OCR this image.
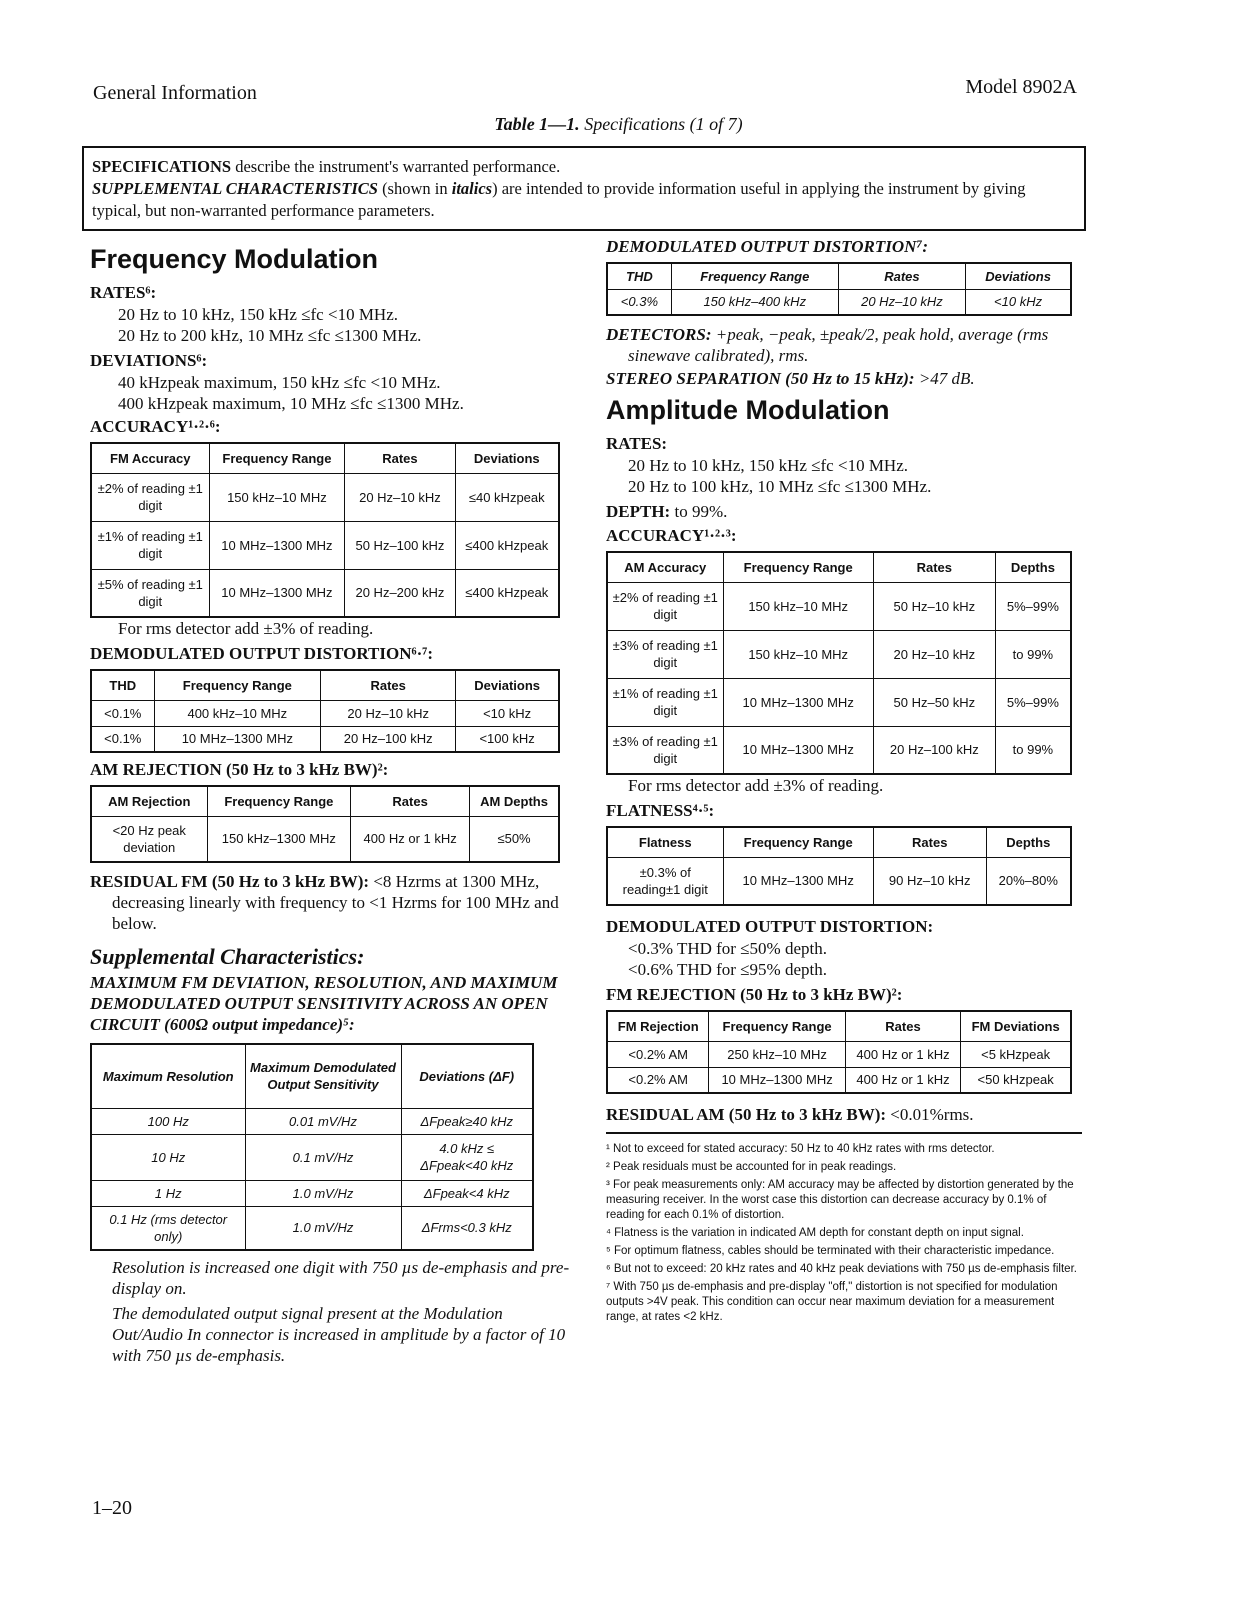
General Information	Model 8902A
Table 1—1. Specifications (1 of 7)
SPECIFICATIONS describe the instrument's warranted performance.
SUPPLEMENTAL CHARACTERISTICS (shown in italics) are intended to provide information useful in applying the instrument by giving typical, but non-warranted performance parameters.
Frequency Modulation
RATES⁶:

20 Hz to 10 kHz, 150 kHz ≤fc <10 MHz.

20 Hz to 200 kHz, 10 MHz ≤fc ≤1300 MHz.

DEVIATIONS⁶:

40 kHzpeak maximum, 150 kHz ≤fc <10 MHz.

400 kHzpeak maximum, 10 MHz ≤fc ≤1300 MHz.

ACCURACY¹·²·⁶:
FM Accuracy	Frequency Range	Rates	Deviations
±2% of reading ±1 digit	150 kHz–10 MHz	20 Hz–10 kHz	≤40 kHzpeak
±1% of reading ±1 digit	10 MHz–1300 MHz	50 Hz–100 kHz	≤400 kHzpeak
±5% of reading ±1 digit	10 MHz–1300 MHz	20 Hz–200 kHz	≤400 kHzpeak
For rms detector add ±3% of reading.
DEMODULATED OUTPUT DISTORTION⁶·⁷:
THD	Frequency Range	Rates	Deviations
<0.1%	400 kHz–10 MHz	20 Hz–10 kHz	<10 kHz
<0.1%	10 MHz–1300 MHz	20 Hz–100 kHz	<100 kHz
AM REJECTION (50 Hz to 3 kHz BW)²:
AM Rejection	Frequency Range	Rates	AM Depths
<20 Hz peak deviation	150 kHz–1300 MHz	400 Hz or 1 kHz	≤50%
RESIDUAL FM (50 Hz to 3 kHz BW): <8 Hzrms at 1300 MHz, decreasing linearly with frequency to <1 Hzrms for 100 MHz and below.
Supplemental Characteristics:
MAXIMUM FM DEVIATION, RESOLUTION, AND MAXIMUM DEMODULATED OUTPUT SENSITIVITY ACROSS AN OPEN CIRCUIT (600Ω output impedance)⁵:
Maximum Resolution	Maximum Demodulated Output Sensitivity	Deviations (ΔF)
100 Hz	0.01 mV/Hz	ΔFpeak≥40 kHz
10 Hz	0.1 mV/Hz	4.0 kHz ≤ ΔFpeak<40 kHz
1 Hz	1.0 mV/Hz	ΔFpeak<4 kHz
0.1 Hz (rms detector only)	1.0 mV/Hz	ΔFrms<0.3 kHz
Resolution is increased one digit with 750 µs de-emphasis and pre-display on.
The demodulated output signal present at the Modulation Out/Audio In connector is increased in amplitude by a factor of 10 with 750 µs de-emphasis.
DEMODULATED OUTPUT DISTORTION⁷:
THD	Frequency Range	Rates	Deviations
<0.3%	150 kHz–400 kHz	20 Hz–10 kHz	<10 kHz
DETECTORS: +peak, −peak, ±peak/2, peak hold, average (rms sinewave calibrated), rms.
STEREO SEPARATION (50 Hz to 15 kHz): >47 dB.
Amplitude Modulation
RATES:

20 Hz to 10 kHz, 150 kHz ≤fc <10 MHz.

20 Hz to 100 kHz, 10 MHz ≤fc ≤1300 MHz.

DEPTH: to 99%.
ACCURACY¹·²·³:
AM Accuracy	Frequency Range	Rates	Depths
±2% of reading ±1 digit	150 kHz–10 MHz	50 Hz–10 kHz	5%–99%
±3% of reading ±1 digit	150 kHz–10 MHz	20 Hz–10 kHz	to 99%
±1% of reading ±1 digit	10 MHz–1300 MHz	50 Hz–50 kHz	5%–99%
±3% of reading ±1 digit	10 MHz–1300 MHz	20 Hz–100 kHz	to 99%
For rms detector add ±3% of reading.
FLATNESS⁴·⁵:
Flatness	Frequency Range	Rates	Depths
±0.3% of reading±1 digit	10 MHz–1300 MHz	90 Hz–10 kHz	20%–80%
DEMODULATED OUTPUT DISTORTION:

<0.3% THD for ≤50% depth.

<0.6% THD for ≤95% depth.

FM REJECTION (50 Hz to 3 kHz BW)²:
FM Rejection	Frequency Range	Rates	FM Deviations
<0.2% AM	250 kHz–10 MHz	400 Hz or 1 kHz	<5 kHzpeak
<0.2% AM	10 MHz–1300 MHz	400 Hz or 1 kHz	<50 kHzpeak
RESIDUAL AM (50 Hz to 3 kHz BW): <0.01%rms.
¹ Not to exceed for stated accuracy: 50 Hz to 40 kHz rates with rms detector.
² Peak residuals must be accounted for in peak readings.
³ For peak measurements only: AM accuracy may be affected by distortion generated by the measuring receiver. In the worst case this distortion can decrease accuracy by 0.1% of reading for each 0.1% of distortion.
⁴ Flatness is the variation in indicated AM depth for constant depth on input signal.
⁵ For optimum flatness, cables should be terminated with their characteristic impedance.
⁶ But not to exceed: 20 kHz rates and 40 kHz peak deviations with 750 µs de-emphasis filter.
⁷ With 750 µs de-emphasis and pre-display "off," distortion is not specified for modulation outputs >4V peak. This condition can occur near maximum deviation for a measurement range, at rates <2 kHz.
1–20
